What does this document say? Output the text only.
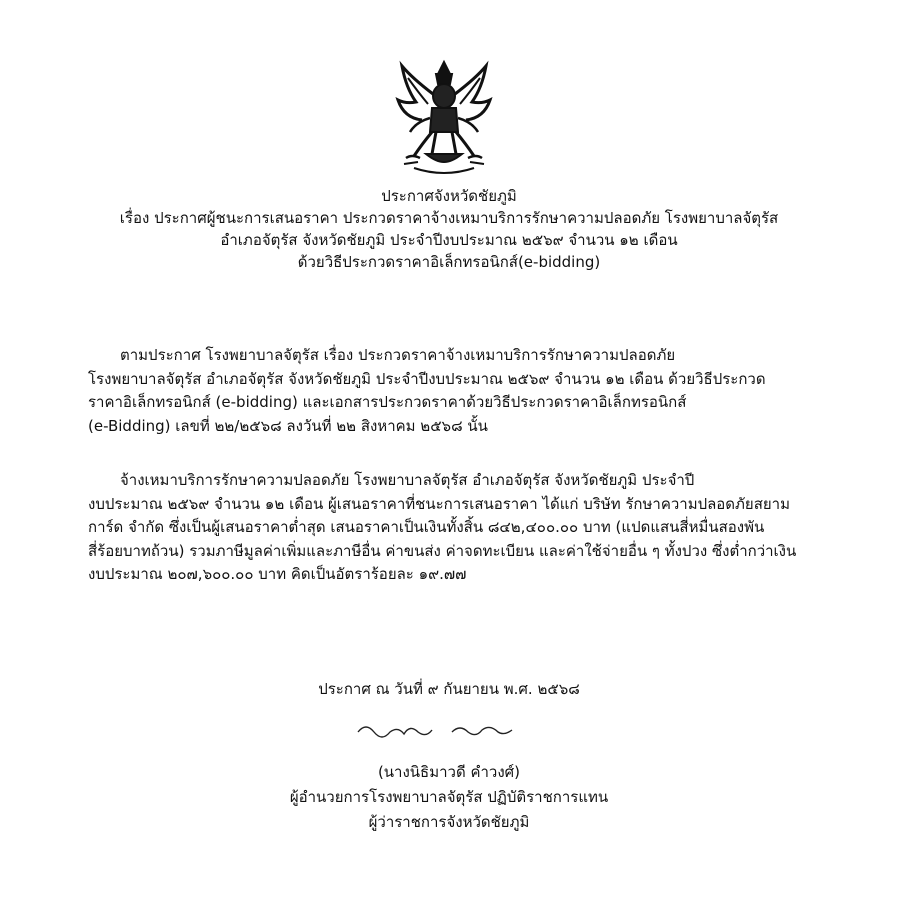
ประกาศจังหวัดชัยภูมิ
เรื่อง ประกาศผู้ชนะการเสนอราคา ประกวดราคาจ้างเหมาบริการรักษาความปลอดภัย โรงพยาบาลจัตุรัส
อำเภอจัตุรัส จังหวัดชัยภูมิ ประจำปีงบประมาณ ๒๕๖๙ จำนวน ๑๒ เดือน
ด้วยวิธีประกวดราคาอิเล็กทรอนิกส์(e-bidding)
ตามประกาศ โรงพยาบาลจัตุรัส เรื่อง ประกวดราคาจ้างเหมาบริการรักษาความปลอดภัย
โรงพยาบาลจัตุรัส อำเภอจัตุรัส จังหวัดชัยภูมิ ประจำปีงบประมาณ ๒๕๖๙ จำนวน ๑๒ เดือน ด้วยวิธีประกวด
ราคาอิเล็กทรอนิกส์ (e-bidding) และเอกสารประกวดราคาด้วยวิธีประกวดราคาอิเล็กทรอนิกส์
(e-Bidding) เลขที่ ๒๒/๒๕๖๘ ลงวันที่ ๒๒ สิงหาคม ๒๕๖๘ นั้น
จ้างเหมาบริการรักษาความปลอดภัย โรงพยาบาลจัตุรัส อำเภอจัตุรัส จังหวัดชัยภูมิ ประจำปี
งบประมาณ ๒๕๖๙ จำนวน ๑๒ เดือน ผู้เสนอราคาที่ชนะการเสนอราคา ได้แก่ บริษัท รักษาความปลอดภัยสยาม
การ์ด จำกัด ซึ่งเป็นผู้เสนอราคาต่ำสุด เสนอราคาเป็นเงินทั้งสิ้น ๘๔๒,๔๐๐.๐๐ บาท (แปดแสนสี่หมื่นสองพัน
สี่ร้อยบาทถ้วน) รวมภาษีมูลค่าเพิ่มและภาษีอื่น ค่าขนส่ง ค่าจดทะเบียน และค่าใช้จ่ายอื่น ๆ ทั้งปวง ซึ่งต่ำกว่าเงิน
งบประมาณ ๒๐๗,๖๐๐.๐๐ บาท คิดเป็นอัตราร้อยละ ๑๙.๗๗
ประกาศ ณ วันที่ ๙ กันยายน พ.ศ. ๒๕๖๘
(นางนิธิมาวดี คำวงศ์)
ผู้อำนวยการโรงพยาบาลจัตุรัส ปฏิบัติราชการแทน
ผู้ว่าราชการจังหวัดชัยภูมิ
